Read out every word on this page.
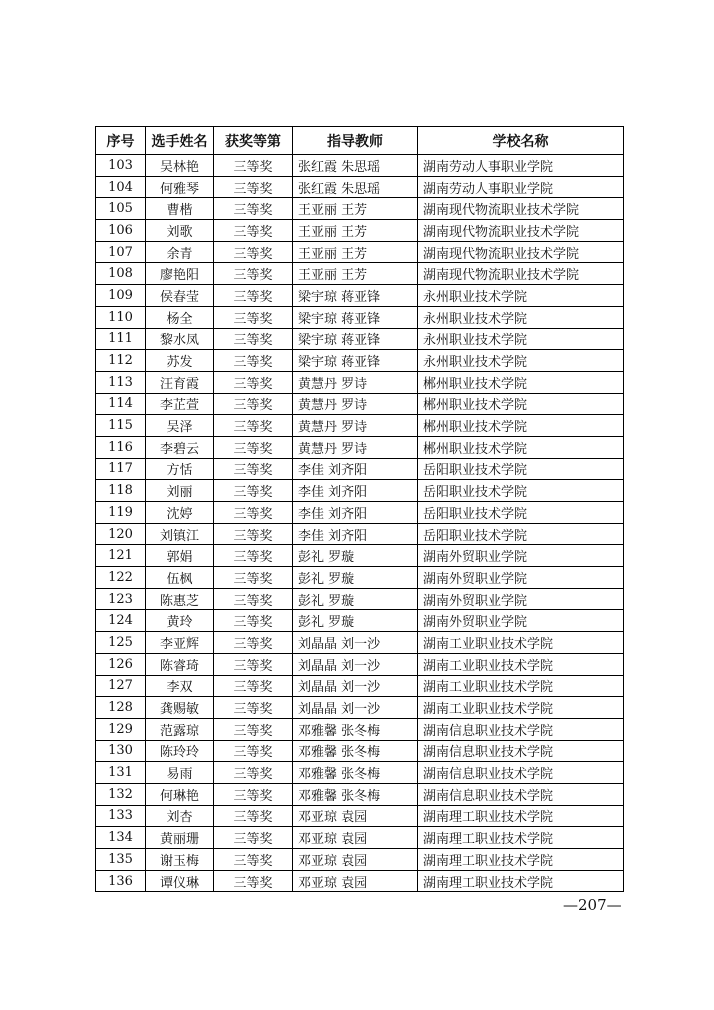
序号	选手姓名	获奖等第	指导教师	学校名称
103	吴林艳	三等奖	张红霞 朱思瑶	湖南劳动人事职业学院
104	何雅琴	三等奖	张红霞 朱思瑶	湖南劳动人事职业学院
105	曹楷	三等奖	王亚丽 王芳	湖南现代物流职业技术学院
106	刘歌	三等奖	王亚丽 王芳	湖南现代物流职业技术学院
107	余青	三等奖	王亚丽 王芳	湖南现代物流职业技术学院
108	廖艳阳	三等奖	王亚丽 王芳	湖南现代物流职业技术学院
109	侯春莹	三等奖	梁宇琼 蒋亚锋	永州职业技术学院
110	杨全	三等奖	梁宇琼 蒋亚锋	永州职业技术学院
111	黎水凤	三等奖	梁宇琼 蒋亚锋	永州职业技术学院
112	苏发	三等奖	梁宇琼 蒋亚锋	永州职业技术学院
113	汪育霞	三等奖	黄慧丹 罗诗	郴州职业技术学院
114	李芷萱	三等奖	黄慧丹 罗诗	郴州职业技术学院
115	吴泽	三等奖	黄慧丹 罗诗	郴州职业技术学院
116	李碧云	三等奖	黄慧丹 罗诗	郴州职业技术学院
117	方恬	三等奖	李佳 刘齐阳	岳阳职业技术学院
118	刘丽	三等奖	李佳 刘齐阳	岳阳职业技术学院
119	沈婷	三等奖	李佳 刘齐阳	岳阳职业技术学院
120	刘镇江	三等奖	李佳 刘齐阳	岳阳职业技术学院
121	郭娟	三等奖	彭礼 罗璇	湖南外贸职业学院
122	伍枫	三等奖	彭礼 罗璇	湖南外贸职业学院
123	陈惠芝	三等奖	彭礼 罗璇	湖南外贸职业学院
124	黄玲	三等奖	彭礼 罗璇	湖南外贸职业学院
125	李亚辉	三等奖	刘晶晶 刘一沙	湖南工业职业技术学院
126	陈睿琦	三等奖	刘晶晶 刘一沙	湖南工业职业技术学院
127	李双	三等奖	刘晶晶 刘一沙	湖南工业职业技术学院
128	龚赐敏	三等奖	刘晶晶 刘一沙	湖南工业职业技术学院
129	范露琼	三等奖	邓雅馨 张冬梅	湖南信息职业技术学院
130	陈玲玲	三等奖	邓雅馨 张冬梅	湖南信息职业技术学院
131	易雨	三等奖	邓雅馨 张冬梅	湖南信息职业技术学院
132	何琳艳	三等奖	邓雅馨 张冬梅	湖南信息职业技术学院
133	刘杏	三等奖	邓亚琼 袁园	湖南理工职业技术学院
134	黄丽珊	三等奖	邓亚琼 袁园	湖南理工职业技术学院
135	谢玉梅	三等奖	邓亚琼 袁园	湖南理工职业技术学院
136	谭仪琳	三等奖	邓亚琼 袁园	湖南理工职业技术学院
—207—
